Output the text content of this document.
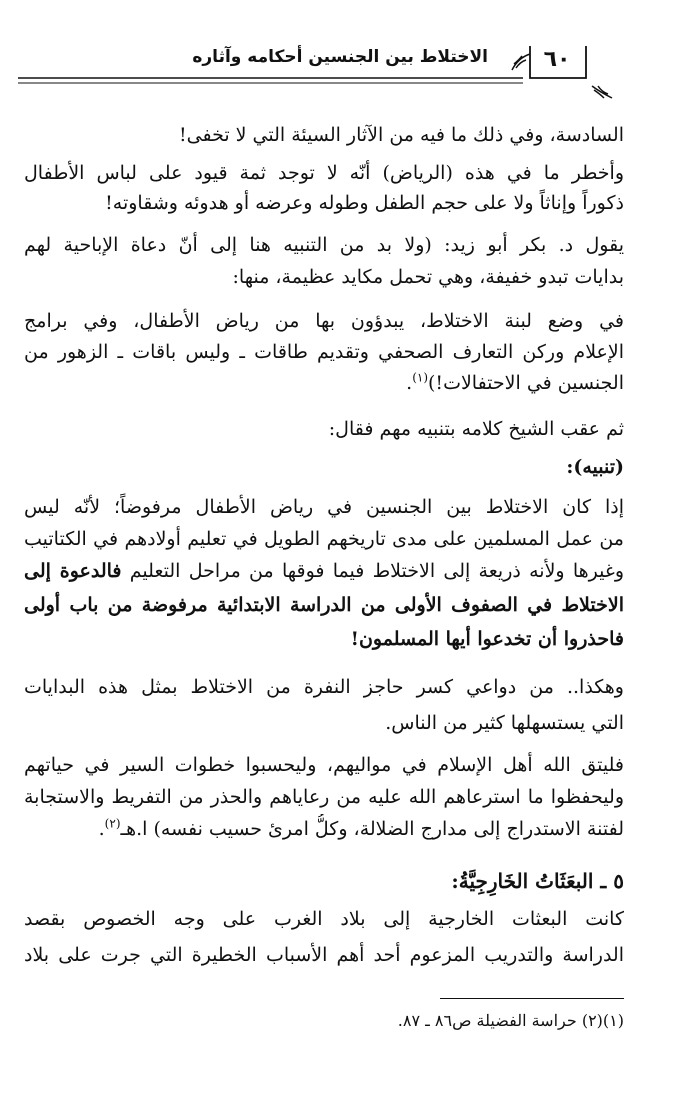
الاختلاط بين الجنسين أحكامه وآثاره	٦٠
السادسة، وفي ذلك ما فيه من الآثار السيئة التي لا تخفى!
وأخطر ما في هذه (الرياض) أنّه لا توجد ثمة قيود على لباس الأطفال
ذكوراً وإناثاً ولا على حجم الطفل وطوله وعرضه أو هدوئه وشقاوته!
يقول د. بكر أبو زيد: (ولا بد من التنبيه هنا إلى أنّ دعاة الإباحية لهم
بدايات تبدو خفيفة، وهي تحمل مكايد عظيمة، منها:
في وضع لبنة الاختلاط، يبدؤون بها من رياض الأطفال، وفي برامج
الإعلام وركن التعارف الصحفي وتقديم طاقات ـ وليس باقات ـ الزهور من
الجنسين في الاحتفالات!)$^{(١)}$.
ثم عقب الشيخ كلامه بتنبيه مهم فقال:
(تنبيه):
إذا كان الاختلاط بين الجنسين في رياض الأطفال مرفوضاً؛ لأنّه ليس
من عمل المسلمين على مدى تاريخهم الطويل في تعليم أولادهم في الكتاتيب
وغيرها ولأنه ذريعة إلى الاختلاط فيما فوقها من مراحل التعليم فالدعوة إلى
الاختلاط في الصفوف الأولى من الدراسة الابتدائية مرفوضة من باب أولى
فاحذروا أن تخدعوا أيها المسلمون!
وهكذا.. من دواعي كسر حاجز النفرة من الاختلاط بمثل هذه البدايات
التي يستسهلها كثير من الناس.
فليتق الله أهل الإسلام في مواليهم، وليحسبوا خطوات السير في حياتهم
وليحفظوا ما استرعاهم الله عليه من رعاياهم والحذر من التفريط والاستجابة
لفتنة الاستدراج إلى مدارج الضلالة، وكلُّ امرئ حسيب نفسه) ا.هـ$^{(٢)}$.
٥ ـ البعَثَاتُ الخَارِجِيَّةُ:
كانت البعثات الخارجية إلى بلاد الغرب على وجه الخصوص بقصد
الدراسة والتدريب المزعوم أحد أهم الأسباب الخطيرة التي جرت على بلاد
(١)(٢) حراسة الفضيلة ص٨٦ ـ ٨٧.
